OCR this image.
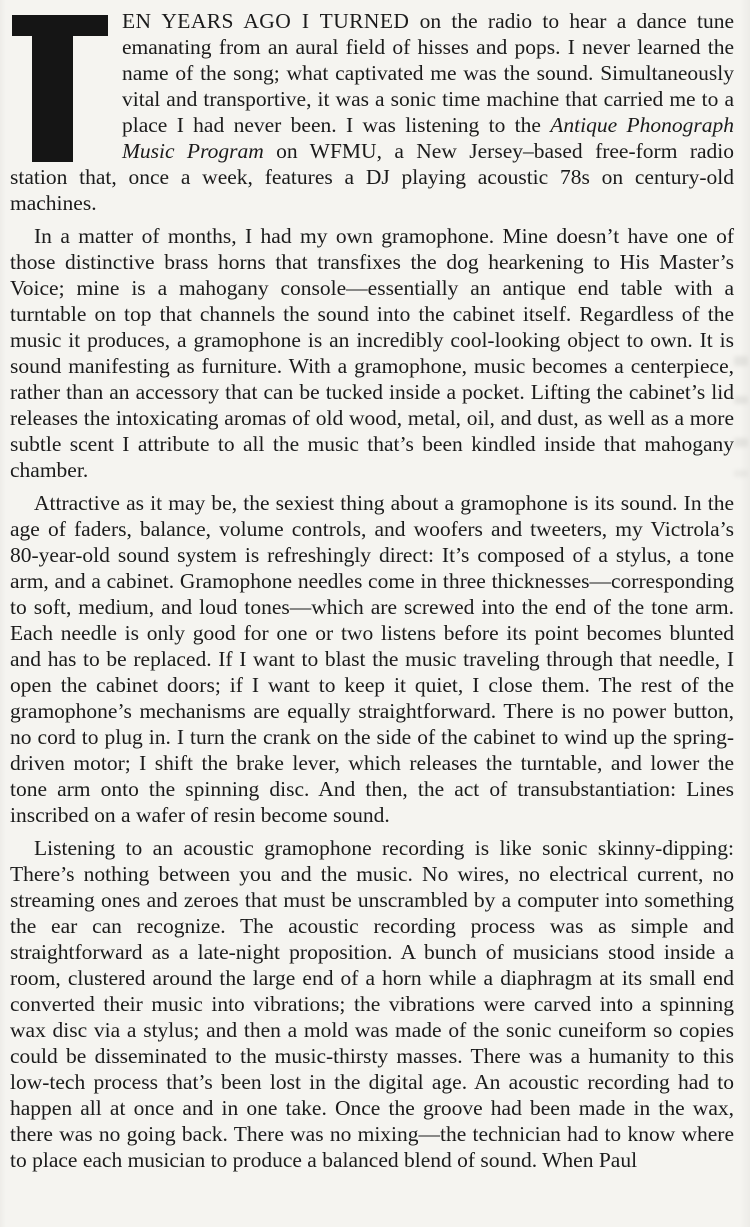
EN YEARS AGO I TURNED on the radio to hear a dance tune emanating from an aural field of hisses and pops. I never learned the name of the song; what captivated me was the sound. Simultaneously vital and transportive, it was a sonic time machine that carried me to a place I had never been. I was listening to the Antique Phonograph Music Program on WFMU, a New Jersey–based free-form radio station that, once a week, features a DJ playing acoustic 78s on century-old machines.

In a matter of months, I had my own gramophone. Mine doesn’t have one of those distinctive brass horns that transfixes the dog hearkening to His Master’s Voice; mine is a mahogany console—essentially an antique end table with a turntable on top that channels the sound into the cabinet itself. Regardless of the music it produces, a gramophone is an incredibly cool-looking object to own. It is sound manifesting as furniture. With a gramophone, music becomes a centerpiece, rather than an accessory that can be tucked inside a pocket. Lifting the cabinet’s lid releases the intoxicating aromas of old wood, metal, oil, and dust, as well as a more subtle scent I attribute to all the music that’s been kindled inside that mahogany chamber.

Attractive as it may be, the sexiest thing about a gramophone is its sound. In the age of faders, balance, volume controls, and woofers and tweeters, my Victrola’s 80-year-old sound system is refreshingly direct: It’s composed of a stylus, a tone arm, and a cabinet. Gramophone needles come in three thicknesses—corresponding to soft, medium, and loud tones—which are screwed into the end of the tone arm. Each needle is only good for one or two listens before its point becomes blunted and has to be replaced. If I want to blast the music traveling through that needle, I open the cabinet doors; if I want to keep it quiet, I close them. The rest of the gramophone’s mechanisms are equally straightforward. There is no power button, no cord to plug in. I turn the crank on the side of the cabinet to wind up the spring-driven motor; I shift the brake lever, which releases the turntable, and lower the tone arm onto the spinning disc. And then, the act of transubstantiation: Lines inscribed on a wafer of resin become sound.

Listening to an acoustic gramophone recording is like sonic skinny-dipping: There’s nothing between you and the music. No wires, no electrical current, no streaming ones and zeroes that must be unscrambled by a computer into something the ear can recognize. The acoustic recording process was as simple and straightforward as a late-night proposition. A bunch of musicians stood inside a room, clustered around the large end of a horn while a diaphragm at its small end converted their music into vibrations; the vibrations were carved into a spinning wax disc via a stylus; and then a mold was made of the sonic cuneiform so copies could be disseminated to the music-thirsty masses. There was a humanity to this low-tech process that’s been lost in the digital age. An acoustic recording had to happen all at once and in one take. Once the groove had been made in the wax, there was no going back. There was no mixing—the technician had to know where to place each musician to produce a balanced blend of sound. When Paul
